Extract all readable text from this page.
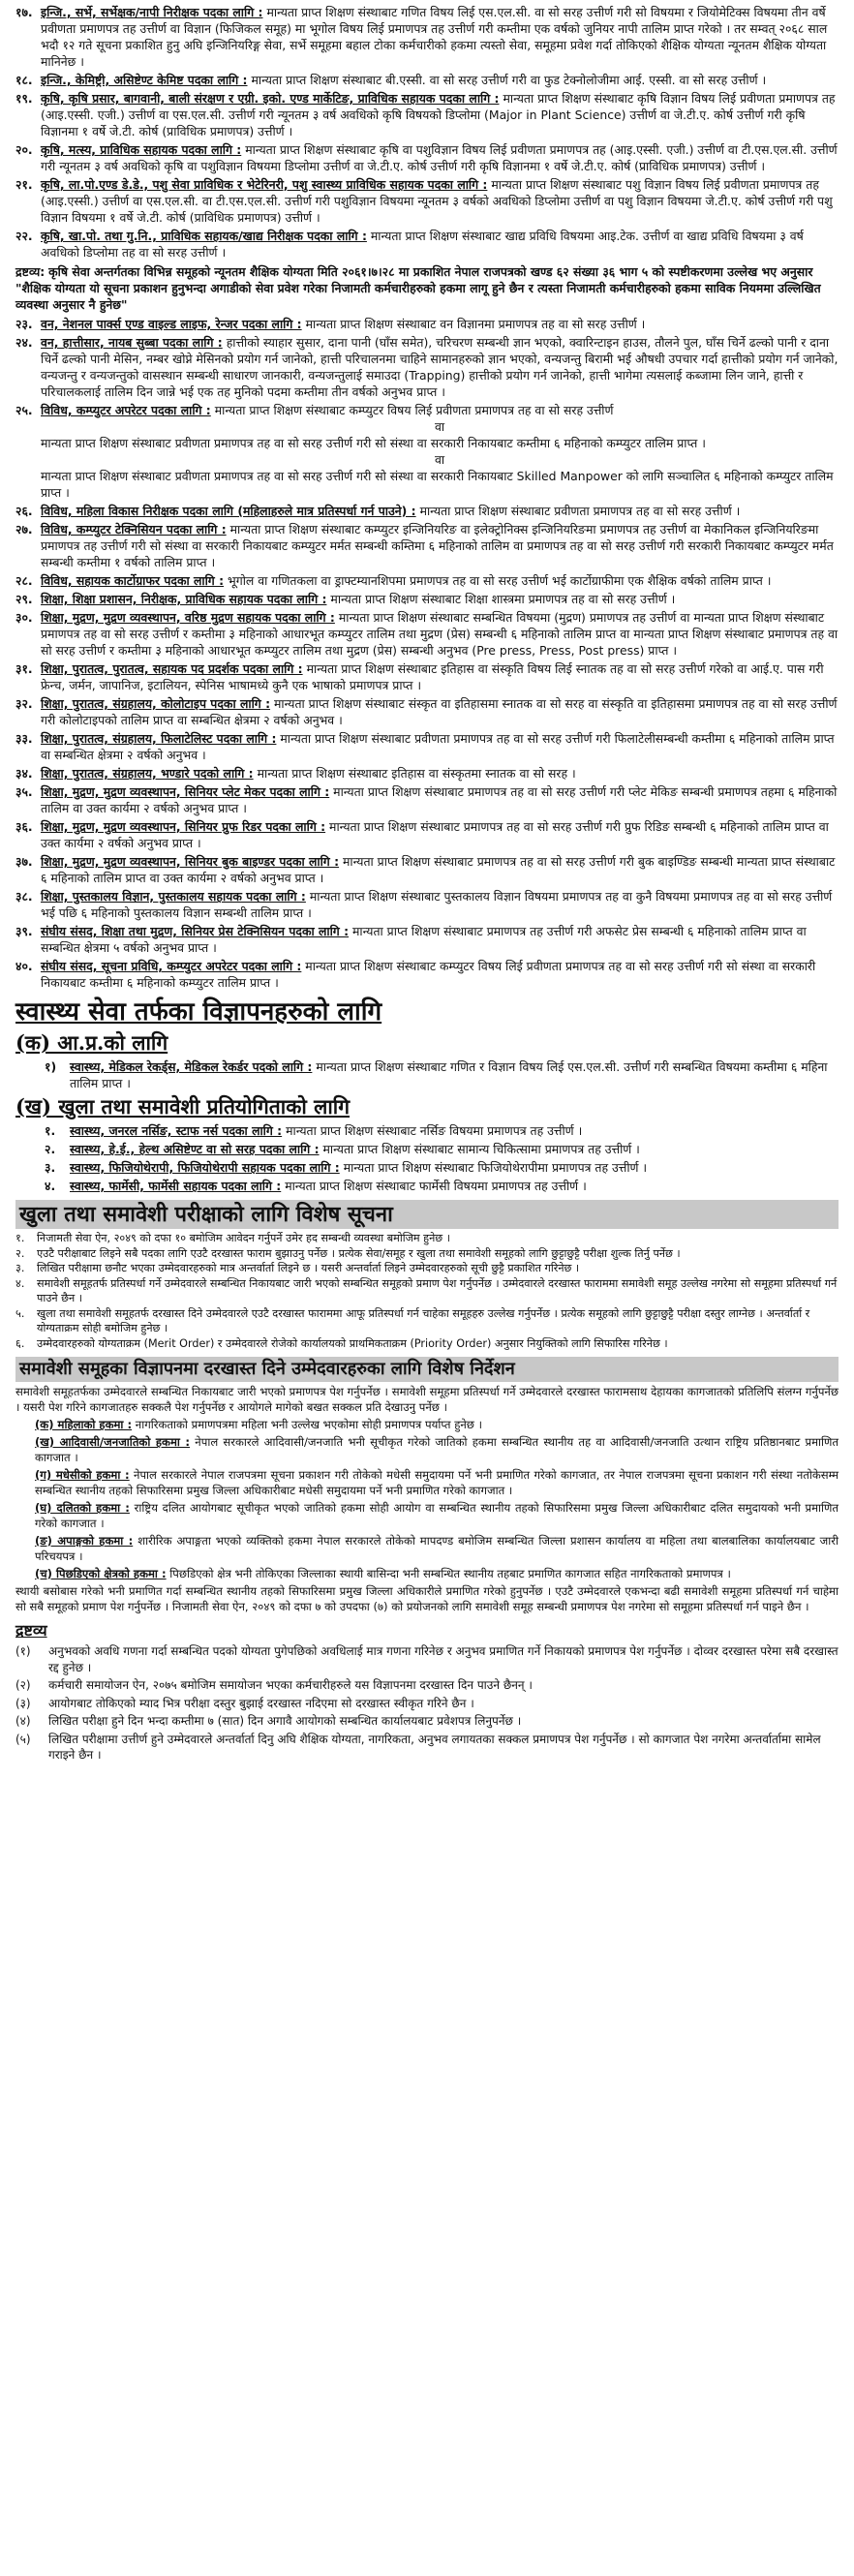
१७. इन्जि., सर्भे, सर्भेक्षक/नापी निरीक्षक पदका लागि : मान्यता प्राप्त शिक्षण संस्थाबाट गणित विषय लिई एस.एल.सी. वा सो सरह उत्तीर्ण गरी सो विषयमा र जियोमेटिक्स विषयमा तीन वर्षे प्रवीणता प्रमाणपत्र तह उत्तीर्ण वा विज्ञान (फिजिकल समूह) मा भूगोल विषय लिई प्रमाणपत्र तह उत्तीर्ण गरी कम्तीमा एक वर्षको जुनियर नापी तालिम प्राप्त गरेको । तर सम्वत् २०६८ साल भदौ १२ गते सूचना प्रकाशित हुनु अघि इन्जिनियरिङ्ग सेवा, सर्भे समूहमा बहाल टोका कर्मचारीको हकमा त्यस्तो सेवा, समूहमा प्रवेश गर्दा तोकिएको शैक्षिक योग्यता न्यूनतम शैक्षिक योग्यता मानिनेछ ।
१८. इन्जि., केमिष्ट्री, असिष्टेण्ट केमिष्ट पदका लागि : मान्यता प्राप्त शिक्षण संस्थाबाट बी.एस्सी. वा सो सरह उत्तीर्ण गरी वा फुड टेक्नोलोजीमा आई. एस्सी. वा सो सरह उत्तीर्ण ।
१९. कृषि, कृषि प्रसार, बागवानी, बाली संरक्षण र एग्री. इको. एण्ड मार्केटिङ, प्राविधिक सहायक पदका लागि : मान्यता प्राप्त शिक्षण संस्थाबाट कृषि विज्ञान विषय लिई प्रवीणता प्रमाणपत्र तह (आइ.एस्सी. एजी.) उत्तीर्ण वा एस.एल.सी. उत्तीर्ण गरी न्यूनतम ३ वर्ष अवधिको कृषि विषयको डिप्लोमा (Major in Plant Science) उत्तीर्ण वा जे.टी.ए. कोर्ष उत्तीर्ण गरी कृषि विज्ञानमा १ वर्षे जे.टी. कोर्ष (प्राविधिक प्रमाणपत्र) उत्तीर्ण ।
२०. कृषि, मत्स्य, प्राविधिक सहायक पदका लागि : मान्यता प्राप्त शिक्षण संस्थाबाट कृषि वा पशुविज्ञान विषय लिई प्रवीणता प्रमाणपत्र तह (आइ.एस्सी. एजी.) उत्तीर्ण वा टी.एस.एल.सी. उत्तीर्ण गरी न्यूनतम ३ वर्ष अवधिको कृषि वा पशुविज्ञान विषयमा डिप्लोमा उत्तीर्ण वा जे.टी.ए. कोर्ष उत्तीर्ण गरी कृषि विज्ञानमा १ वर्षे जे.टी.ए. कोर्ष (प्राविधिक प्रमाणपत्र) उत्तीर्ण ।
२१. कृषि, ला.पो.एण्ड डे.डे., पशु सेवा प्राविधिक र भेटेरिनरी, पशु स्वास्थ्य प्राविधिक सहायक पदका लागि : मान्यता प्राप्त शिक्षण संस्थाबाट पशु विज्ञान विषय लिई प्रवीणता प्रमाणपत्र तह (आइ.एस्सी.) उत्तीर्ण वा एस.एल.सी. वा टी.एस.एल.सी. उत्तीर्ण गरी पशुविज्ञान विषयमा न्यूनतम ३ वर्षको अवधिको डिप्लोमा उत्तीर्ण वा पशु विज्ञान विषयमा जे.टी.ए. कोर्ष उत्तीर्ण गरी पशु विज्ञान विषयमा १ वर्षे जे.टी. कोर्ष (प्राविधिक प्रमाणपत्र) उत्तीर्ण ।
२२. कृषि, खा.पो. तथा गु.नि., प्राविधिक सहायक/खाद्य निरीक्षक पदका लागि : मान्यता प्राप्त शिक्षण संस्थाबाट खाद्य प्रविधि विषयमा आइ.टेक. उत्तीर्ण वा खाद्य प्रविधि विषयमा ३ वर्ष अवधिको डिप्लोमा तह वा सो सरह उत्तीर्ण ।

द्रष्टव्य: कृषि सेवा अन्तर्गतका विभिन्न समूहको न्यूनतम शैक्षिक योग्यता मिति २०६१।७।२८ मा प्रकाशित नेपाल राजपत्रको खण्ड ६२ संख्या ३६ भाग ५ को स्पष्टीकरणमा उल्लेख भए अनुसार "शैक्षिक योग्यता यो सूचना प्रकाशन हुनुभन्दा अगाडीको सेवा प्रवेश गरेका निजामती कर्मचारीहरुको हकमा लागू हुने छैन र त्यस्ता निजामती कर्मचारीहरुको हकमा साविक नियममा उल्लिखित व्यवस्था अनुसार नै हुनेछ"

२३. वन, नेशनल पार्क्स एण्ड वाइल्ड लाइफ, रेन्जर पदका लागि : मान्यता प्राप्त शिक्षण संस्थाबाट वन विज्ञानमा प्रमाणपत्र तह वा सो सरह उत्तीर्ण ।
२४. वन, हात्तीसार, नायब सुब्बा पदका लागि : हात्तीको स्याहार सुसार, दाना पानी (घाँस समेत), चरिचरण सम्बन्धी ज्ञान भएको, क्वारिन्टाइन हाउस, तौलने पुल, घाँस चिर्ने ढल्को पानी र दाना चिर्ने ढल्को पानी मेसिन, नम्बर खोप्ने मेसिनको प्रयोग गर्न जानेको, हात्ती परिचालनमा चाहिने सामानहरुको ज्ञान भएको, वन्यजन्तु बिरामी भई औषधी उपचार गर्दा हात्तीको प्रयोग गर्न जानेको, वन्यजन्तु र वन्यजन्तुको वासस्थान सम्बन्धी साधारण जानकारी, वन्यजन्तुलाई समाउदा (Trapping) हात्तीको प्रयोग गर्न जानेको, हात्ती भागेमा त्यसलाई कब्जामा लिन जाने, हात्ती र परिचालकलाई तालिम दिन जान्ने भई एक तह मुनिको पदमा कम्तीमा तीन वर्षको अनुभव प्राप्त ।
२५. विविध, कम्प्युटर अपरेटर पदका लागि : मान्यता प्राप्त शिक्षण संस्थाबाट कम्प्युटर विषय लिई प्रवीणता प्रमाणपत्र तह वा सो सरह उत्तीर्ण
वा
मान्यता प्राप्त शिक्षण संस्थाबाट प्रवीणता प्रमाणपत्र तह वा सो सरह उत्तीर्ण गरी सो संस्था वा सरकारी निकायबाट कम्तीमा ६ महिनाको कम्प्युटर तालिम प्राप्त ।
वा
मान्यता प्राप्त शिक्षण संस्थाबाट प्रवीणता प्रमाणपत्र तह वा सो सरह उत्तीर्ण गरी सो संस्था वा सरकारी निकायबाट Skilled Manpower को लागि सञ्चालित ६ महिनाको कम्प्युटर तालिम प्राप्त ।
२६. विविध, महिला विकास निरीक्षक पदका लागि (महिलाहरुले मात्र प्रतिस्पर्धा गर्न पाउने) : मान्यता प्राप्त शिक्षण संस्थाबाट प्रवीणता प्रमाणपत्र तह वा सो सरह उत्तीर्ण ।
२७. विविध, कम्प्युटर टेक्निसियन पदका लागि : मान्यता प्राप्त शिक्षण संस्थाबाट कम्प्युटर इन्जिनियरिङ वा इलेक्ट्रोनिक्स इन्जिनियरिङमा प्रमाणपत्र तह उत्तीर्ण वा मेकानिकल इन्जिनियरिङमा प्रमाणपत्र तह उत्तीर्ण गरी सो संस्था वा सरकारी निकायबाट कम्प्युटर मर्मत सम्बन्धी कम्तिमा ६ महिनाको तालिम वा प्रमाणपत्र तह वा सो सरह उत्तीर्ण गरी सरकारी निकायबाट कम्प्युटर मर्मत सम्बन्धी कम्तीमा १ वर्षको तालिम प्राप्त ।
२८. विविध, सहायक कार्टोग्राफर पदका लागि : भूगोल वा गणितकला वा ड्राफ्टम्यानशिपमा प्रमाणपत्र तह वा सो सरह उत्तीर्ण भई कार्टोग्राफीमा एक शैक्षिक वर्षको तालिम प्राप्त ।
२९. शिक्षा, शिक्षा प्रशासन, निरीक्षक, प्राविधिक सहायक पदका लागि : मान्यता प्राप्त शिक्षण संस्थाबाट शिक्षा शास्त्रमा प्रमाणपत्र तह वा सो सरह उत्तीर्ण ।
३०. शिक्षा, मुद्रण, मुद्रण व्यवस्थापन, वरिष्ठ मुद्रण सहायक पदका लागि : मान्यता प्राप्त शिक्षण संस्थाबाट सम्बन्धित विषयमा (मुद्रण) प्रमाणपत्र तह उत्तीर्ण वा मान्यता प्राप्त शिक्षण संस्थाबाट प्रमाणपत्र तह वा सो सरह उत्तीर्ण र कम्तीमा ३ महिनाको आधारभूत कम्प्युटर तालिम तथा मुद्रण (प्रेस) सम्बन्धी ६ महिनाको तालिम प्राप्त वा मान्यता प्राप्त शिक्षण संस्थाबाट प्रमाणपत्र तह वा सो सरह उत्तीर्ण र कम्तीमा ३ महिनाको आधारभूत कम्प्युटर तालिम तथा मुद्रण (प्रेस) सम्बन्धी अनुभव (Pre press, Press, Post press) प्राप्त ।
३१. शिक्षा, पुरातत्व, पुरातत्व, सहायक पद प्रदर्शक पदका लागि : मान्यता प्राप्त शिक्षण संस्थाबाट इतिहास वा संस्कृति विषय लिई स्नातक तह वा सो सरह उत्तीर्ण गरेको वा आई.ए. पास गरी फ्रेन्च, जर्मन, जापानिज, इटालियन, स्पेनिस भाषामध्ये कुनै एक भाषाको प्रमाणपत्र प्राप्त ।
३२. शिक्षा, पुरातत्व, संग्रहालय, कोलोटाइप पदका लागि : मान्यता प्राप्त शिक्षण संस्थाबाट संस्कृत वा इतिहासमा स्नातक वा सो सरह वा संस्कृति वा इतिहासमा प्रमाणपत्र तह वा सो सरह उत्तीर्ण गरी कोलोटाइपको तालिम प्राप्त वा सम्बन्धित क्षेत्रमा २ वर्षको अनुभव ।
३३. शिक्षा, पुरातत्व, संग्रहालय, फिलाटेलिस्ट पदका लागि : मान्यता प्राप्त शिक्षण संस्थाबाट प्रवीणता प्रमाणपत्र तह वा सो सरह उत्तीर्ण गरी फिलाटेलीसम्बन्धी कम्तीमा ६ महिनाको तालिम प्राप्त वा सम्बन्धित क्षेत्रमा २ वर्षको अनुभव ।
३४. शिक्षा, पुरातत्व, संग्रहालय, भण्डारे पदको लागि : मान्यता प्राप्त शिक्षण संस्थाबाट इतिहास वा संस्कृतमा स्नातक वा सो सरह ।
३५. शिक्षा, मुद्रण, मुद्रण व्यवस्थापन, सिनियर प्लेट मेकर पदका लागि : मान्यता प्राप्त शिक्षण संस्थाबाट प्रमाणपत्र तह वा सो सरह उत्तीर्ण गरी प्लेट मेकिङ सम्बन्धी प्रमाणपत्र तहमा ६ महिनाको तालिम वा उक्त कार्यमा २ वर्षको अनुभव प्राप्त ।
३६. शिक्षा, मुद्रण, मुद्रण व्यवस्थापन, सिनियर प्रुफ रिडर पदका लागि : मान्यता प्राप्त शिक्षण संस्थाबाट प्रमाणपत्र तह वा सो सरह उत्तीर्ण गरी प्रुफ रिडिङ सम्बन्धी ६ महिनाको तालिम प्राप्त वा उक्त कार्यमा २ वर्षको अनुभव प्राप्त ।
३७. शिक्षा, मुद्रण, मुद्रण व्यवस्थापन, सिनियर बुक बाइण्डर पदका लागि : मान्यता प्राप्त शिक्षण संस्थाबाट प्रमाणपत्र तह वा सो सरह उत्तीर्ण गरी बुक बाइण्डिङ सम्बन्धी मान्यता प्राप्त संस्थाबाट ६ महिनाको तालिम प्राप्त वा उक्त कार्यमा २ वर्षको अनुभव प्राप्त ।
३८. शिक्षा, पुस्तकालय विज्ञान, पुस्तकालय सहायक पदका लागि : मान्यता प्राप्त शिक्षण संस्थाबाट पुस्तकालय विज्ञान विषयमा प्रमाणपत्र तह वा कुनै विषयमा प्रमाणपत्र तह वा सो सरह उत्तीर्ण भई पछि ६ महिनाको पुस्तकालय विज्ञान सम्बन्धी तालिम प्राप्त ।
३९. संघीय संसद, शिक्षा तथा मुद्रण, सिनियर प्रेस टेक्निसियन पदका लागि : मान्यता प्राप्त शिक्षण संस्थाबाट प्रमाणपत्र तह उत्तीर्ण गरी अफसेट प्रेस सम्बन्धी ६ महिनाको तालिम प्राप्त वा सम्बन्धित क्षेत्रमा ५ वर्षको अनुभव प्राप्त ।
४०. संघीय संसद, सूचना प्रविधि, कम्प्युटर अपरेटर पदका लागि : मान्यता प्राप्त शिक्षण संस्थाबाट कम्प्युटर विषय लिई प्रवीणता प्रमाणपत्र तह वा सो सरह उत्तीर्ण गरी सो संस्था वा सरकारी निकायबाट कम्तीमा ६ महिनाको कम्प्युटर तालिम प्राप्त ।
स्वास्थ्य सेवा तर्फका विज्ञापनहरुको लागि
(क) आ.प्र.को लागि
१)	स्वास्थ्य, मेडिकल रेकर्ड्स, मेडिकल रेकर्डर पदको लागि : मान्यता प्राप्त शिक्षण संस्थाबाट गणित र विज्ञान विषय लिई एस.एल.सी. उत्तीर्ण गरी सम्बन्धित विषयमा कम्तीमा ६ महिना तालिम प्राप्त ।
(ख) खुला तथा समावेशी प्रतियोगिताको लागि
१.	स्वास्थ्य, जनरल नर्सिङ, स्टाफ नर्स पदका लागि : मान्यता प्राप्त शिक्षण संस्थाबाट नर्सिङ विषयमा प्रमाणपत्र तह उत्तीर्ण ।
२.	स्वास्थ्य, हे.ई., हेल्थ असिष्टेण्ट वा सो सरह पदका लागि : मान्यता प्राप्त शिक्षण संस्थाबाट सामान्य चिकित्सामा प्रमाणपत्र तह उत्तीर्ण ।
३.	स्वास्थ्य, फिजियोथेरापी, फिजियोथेरापी सहायक पदका लागि : मान्यता प्राप्त शिक्षण संस्थाबाट फिजियोथेरापीमा प्रमाणपत्र तह उत्तीर्ण ।
४.	स्वास्थ्य, फार्मेसी, फार्मेसी सहायक पदका लागि : मान्यता प्राप्त शिक्षण संस्थाबाट फार्मेसी विषयमा प्रमाणपत्र तह उत्तीर्ण ।
खुला तथा समावेशी परीक्षाको लागि विशेष सूचना
१.	निजामती सेवा ऐन, २०४९ को दफा १० बमोजिम आवेदन गर्नुपर्ने उमेर हद सम्बन्धी व्यवस्था बमोजिम हुनेछ ।
२.	एउटै परीक्षाबाट लिइने सबै पदका लागि एउटै दरखास्त फाराम बुझाउनु पर्नेछ । प्रत्येक सेवा/समूह र खुला तथा समावेशी समूहको लागि छुट्टाछुट्टै परीक्षा शुल्क तिर्नु पर्नेछ ।
३.	लिखित परीक्षामा छनौट भएका उम्मेदवारहरुको मात्र अन्तर्वार्ता लिइने छ । यसरी अन्तर्वार्ता लिइने उम्मेदवारहरुको सूची छुट्टै प्रकाशित गरिनेछ ।
४.	समावेशी समूहतर्फ प्रतिस्पर्धा गर्ने उम्मेदवारले सम्बन्धित निकायबाट जारी भएको सम्बन्धित समूहको प्रमाण पेश गर्नुपर्नेछ । उम्मेदवारले दरखास्त फाराममा समावेशी समूह उल्लेख नगरेमा सो समूहमा प्रतिस्पर्धा गर्न पाउने छैन ।
५.	खुला तथा समावेशी समूहतर्फ दरखास्त दिने उम्मेदवारले एउटै दरखास्त फाराममा आफू प्रतिस्पर्धा गर्न चाहेका समूहहरु उल्लेख गर्नुपर्नेछ । प्रत्येक समूहको लागि छुट्टाछुट्टै परीक्षा दस्तुर लाग्नेछ । अन्तर्वार्ता र योग्यताक्रम सोही बमोजिम हुनेछ ।
६.	उम्मेदवारहरुको योग्यताक्रम (Merit Order) र उम्मेदवारले रोजेको कार्यालयको प्राथमिकताक्रम (Priority Order) अनुसार नियुक्तिको लागि सिफारिस गरिनेछ ।
समावेशी समूहका विज्ञापनमा दरखास्त दिने उम्मेदवारहरुका लागि विशेष निर्देशन

समावेशी समूहतर्फका उम्मेदवारले सम्बन्धित निकायबाट जारी भएको प्रमाणपत्र पेश गर्नुपर्नेछ । समावेशी समूहमा प्रतिस्पर्धा गर्ने उम्मेदवारले दरखास्त फारामसाथ देहायका कागजातको प्रतिलिपि संलग्न गर्नुपर्नेछ । यसरी पेश गरिने कागजातहरु सक्कलै पेश गर्नुपर्नेछ र आयोगले मागेको बखत सक्कल प्रति देखाउनु पर्नेछ ।

(क) महिलाको हकमा : नागरिकताको प्रमाणपत्रमा महिला भनी उल्लेख भएकोमा सोही प्रमाणपत्र पर्याप्त हुनेछ ।

(ख) आदिवासी/जनजातिको हकमा : नेपाल सरकारले आदिवासी/जनजाति भनी सूचीकृत गरेको जातिको हकमा सम्बन्धित स्थानीय तह वा आदिवासी/जनजाति उत्थान राष्ट्रिय प्रतिष्ठानबाट प्रमाणित कागजात ।

(ग) मधेसीको हकमा : नेपाल सरकारले नेपाल राजपत्रमा सूचना प्रकाशन गरी तोकेको मधेसी समुदायमा पर्ने भनी प्रमाणित गरेको कागजात, तर नेपाल राजपत्रमा सूचना प्रकाशन गरी संस्था नतोकेसम्म सम्बन्धित स्थानीय तहको सिफारिसमा प्रमुख जिल्ला अधिकारीबाट मधेसी समुदायमा पर्ने भनी प्रमाणित गरेको कागजात ।

(घ) दलितको हकमा : राष्ट्रिय दलित आयोगबाट सूचीकृत भएको जातिको हकमा सोही आयोग वा सम्बन्धित स्थानीय तहको सिफारिसमा प्रमुख जिल्ला अधिकारीबाट दलित समुदायको भनी प्रमाणित गरेको कागजात ।

(ङ) अपाङ्गको हकमा : शारीरिक अपाङ्गता भएको व्यक्तिको हकमा नेपाल सरकारले तोकेको मापदण्ड बमोजिम सम्बन्धित जिल्ला प्रशासन कार्यालय वा महिला तथा बालबालिका कार्यालयबाट जारी परिचयपत्र ।

(च) पिछडिएको क्षेत्रको हकमा : पिछडिएको क्षेत्र भनी तोकिएका जिल्लाका स्थायी बासिन्दा भनी सम्बन्धित स्थानीय तहबाट प्रमाणित कागजात सहित नागरिकताको प्रमाणपत्र ।

स्थायी बसोबास गरेको भनी प्रमाणित गर्दा सम्बन्धित स्थानीय तहको सिफारिसमा प्रमुख जिल्ला अधिकारीले प्रमाणित गरेको हुनुपर्नेछ । एउटै उम्मेदवारले एकभन्दा बढी समावेशी समूहमा प्रतिस्पर्धा गर्न चाहेमा सो सबै समूहको प्रमाण पेश गर्नुपर्नेछ । निजामती सेवा ऐन, २०४९ को दफा ७ को उपदफा (७) को प्रयोजनको लागि समावेशी समूह सम्बन्धी प्रमाणपत्र पेश नगरेमा सो समूहमा प्रतिस्पर्धा गर्न पाइने छैन ।

द्रष्टव्य
(१)	अनुभवको अवधि गणना गर्दा सम्बन्धित पदको योग्यता पुगेपछिको अवधिलाई मात्र गणना गरिनेछ र अनुभव प्रमाणित गर्ने निकायको प्रमाणपत्र पेश गर्नुपर्नेछ । दोव्वर दरखास्त परेमा सबै दरखास्त रद्द हुनेछ ।
(२)	कर्मचारी समायोजन ऐन, २०७५ बमोजिम समायोजन भएका कर्मचारीहरुले यस विज्ञापनमा दरखास्त दिन पाउने छैनन् ।
(३)	आयोगबाट तोकिएको म्याद भित्र परीक्षा दस्तुर बुझाई दरखास्त नदिएमा सो दरखास्त स्वीकृत गरिने छैन ।
(४)	लिखित परीक्षा हुने दिन भन्दा कम्तीमा ७ (सात) दिन अगावै आयोगको सम्बन्धित कार्यालयबाट प्रवेशपत्र लिनुपर्नेछ ।
(५)	लिखित परीक्षामा उत्तीर्ण हुने उम्मेदवारले अन्तर्वार्ता दिनु अघि शैक्षिक योग्यता, नागरिकता, अनुभव लगायतका सक्कल प्रमाणपत्र पेश गर्नुपर्नेछ । सो कागजात पेश नगरेमा अन्तर्वार्तामा सामेल गराइने छैन ।
